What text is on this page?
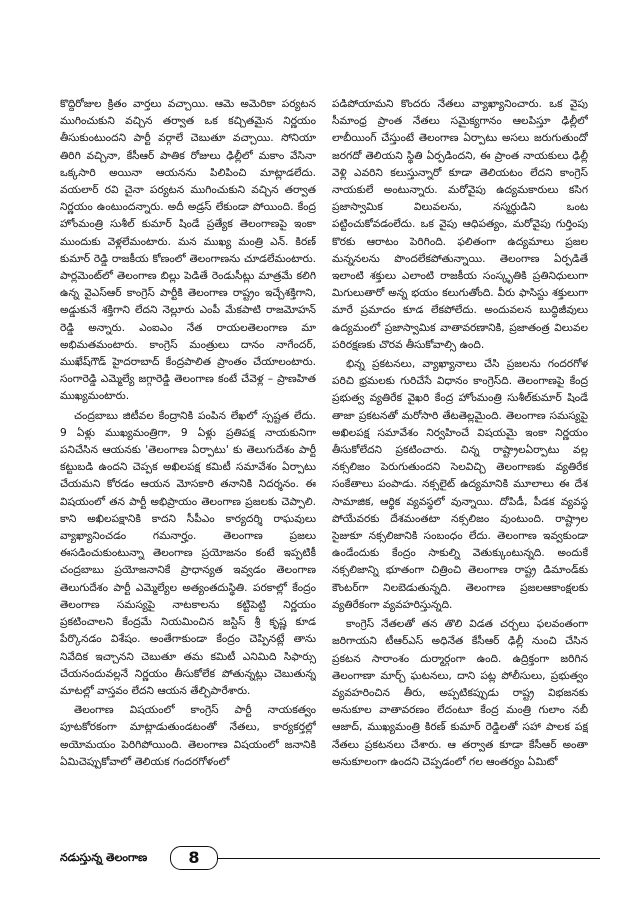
కొద్దిరోజుల క్రితం వార్తలు వచ్చాయి. ఆమె అమెరికా పర్యటన ముగించుకుని వచ్చిన తర్వాత ఒక కచ్చితమైన నిర్ణయం తీసుకుంటుందని పార్టీ వర్గాలే చెబుతూ వచ్చాయి. సోనియా తిరిగి వచ్చినా, కేసీఆర్ పాతిక రోజులు ఢిల్లీలో మకాం వేసినా ఒక్కసారి అయినా ఆయనను పిలిపించి మాట్లాడలేదు. వయలార్ రవి చైనా పర్యటన ముగించుకుని వచ్చిన తర్వాత నిర్ణయం ఉంటుందన్నారు. అదీ అడ్రస్ లేకుండా పోయింది. కేంద్ర హోంమంత్రి సుశీల్ కుమార్ షిండే ప్రత్యేక తెలంగాణపై ఇంకా ముందుకు వెళ్లలేమంటారు. మన ముఖ్య మంత్రి ఎన్. కిరణ్ కుమార్ రెడ్డి రాజకీయ కోణంలో తెలంగాణను చూడలేమంటారు. పార్లమెంట్‌లో తెలంగాణ బిల్లు పెడితే రెండుసీట్లు మాత్రమే కలిగి ఉన్న వైఎస్ఆర్ కాంగ్రెస్ పార్టీకి తెలంగాణ రాష్ట్రం ఇచ్చేశక్తిగాని, అడ్డుకునే శక్తిగాని లేదని నెల్లూరు ఎంపీ మేకపాటి రాజమోహన్ రెడ్డి అన్నారు. ఎంఐఎం నేత రాయలతెలంగాణ మా అభిమతమంటారు. కాంగ్రెస్ మంత్రులు దానం నాగేందర్, ముఖేష్‌గౌడ్ హైదరాబాద్ కేంద్రపాలిత ప్రాంతం చేయాలంటారు. సంగారెడ్డి ఎమ్మెల్యే జగ్గారెడ్డి తెలంగాణ కంటే చేవెళ్ల – ప్రాణహిత ముఖ్యమంటారు.

చంద్రబాబు జిటీవల కేంద్రానికి పంపిన లేఖలో స్పష్టత లేదు. 9 ఏళ్లు ముఖ్యమంత్రిగా, 9 ఏళ్లు ప్రతిపక్ష నాయకునిగా పనిచేసిన ఆయనకు 'తెలంగాణ ఏర్పాటు' కు తెలుగుదేశం పార్టీ కట్టుబడి ఉందని చెప్పక అఖిలపక్ష కమిటీ సమావేశం ఏర్పాటు చేయమని కోరడం ఆయన మోసకారి తనానికి నిదర్శనం. ఈ విషయంలో తన పార్టీ అభిప్రాయం తెలంగాణ ప్రజలకు చెప్పాలి. కాని అఖిలపక్షానికి కాదని సీపీఎం కార్యదర్శి రాఘవులు వ్యాఖ్యానించడం గమనార్హం. తెలంగాణ ప్రజలు ఈసడించుకుంటున్నా తెలంగాణ ప్రయోజనం కంటే ఇప్పటికీ చంద్రబాబు ప్రయోజనానికే ప్రాధాన్యత ఇవ్వడం తెలంగాణ తెలుగుదేశం పార్టీ ఎమ్మెల్యేల అత్యంతదుస్థితి. పరకాల్లో కేంద్రం తెలంగాణ సమస్యపై నాటకాలను కట్టిపెట్టి నిర్ణయం ప్రకటించాలని కేంద్రమే నియమించిన జస్టిస్ శ్రీ కృష్ణ కూడ పేర్కొనడం విశేషం. అంతేగాకుండా కేంద్రం చెప్పినట్లే తాను నివేదిక ఇచ్చానని చెబుతూ తమ కమిటీ ఎనిమిది సిఫార్సు చేయనందువల్లనే నిర్ణయం తీసుకోలేక పోతున్నట్లు చెబుతున్న మాటల్లో వాస్తవం లేదని ఆయన తేల్చిపారేశారు.

తెలంగాణ విషయంలో కాంగ్రెస్ పార్టీ నాయకత్వం పూటకోరకంగా మాట్లాడుతుండటంతో నేతలు, కార్యకర్తల్లో అయోమయం పెరిగిపోయింది. తెలంగాణ విషయంలో జనానికి ఏమిచెప్పుకోవాలో తెలియక గందరగోళంలో

పడిపోయామని కొందరు నేతలు వ్యాఖ్యానించారు. ఒక వైపు సీమాంధ్ర ప్రాంత నేతలు సమైక్యగానం ఆలపిస్తూ ఢిల్లీలో లాబీయింగ్ చేస్తుంటే తెలంగాణ ఏర్పాటు అసలు జరుగుతుందో జరగదో తెలియని స్థితి ఏర్పడిందని, ఈ ప్రాంత నాయకులు ఢిల్లీ వెళ్లి ఎవరిని కలుస్తున్నారో కూడా తెలియటం లేదని కాంగ్రెస్ నాయకులే అంటున్నారు. మరోవైపు ఉద్యమకారులు కసిగ ప్రజాస్వామిక విలువలను, నస్మర్ధుడిని ఒంట పట్టించుకోవడంలేదు. ఒక వైపు ఆధిపత్యం, మరోవైపు గుర్తింపు కొరకు ఆరాటం పెరిగింది. ఫలితంగా ఉద్యమాలు ప్రజల మన్ననలను పొందలేకపోతున్నాయి. తెలంగాణ ఏర్పడితే ఇలాంటి శక్తులు ఎలాంటి రాజకీయ సంస్కృతికి ప్రతినిధులుగా మిగులుతారో అన్న భయం కలుగుతోంది. వీరు ఫాసిస్టు శక్తులుగా మారే ప్రమాదం కూడ లేకపోలేదు. అందువలన బుద్ధిజీవులు ఉద్యమంలో ప్రజాస్వామిక వాతావరణానికి, ప్రజాతంత్ర విలువల పరిరక్షణకు చొరవ తీసుకోవాల్సి ఉంది.

భిన్న ప్రకటనలు, వ్యాఖ్యానాలు చేసి ప్రజలను గందరగోళ పరిచి భ్రమలకు గురిచేసే విధానం కాంగ్రెస్‌ది. తెలంగాణపై కేంద్ర ప్రభుత్వ వ్యతిరేక వైఖరి కేంద్ర హోంమంత్రి సుశీల్‌కుమార్ షిండే తాజా ప్రకటనతో మరోసారి తేటతెల్లమైంది. తెలంగాణ సమస్యపై అఖిలపక్ష సమావేశం నిర్వహించే విషయమై ఇంకా నిర్ణయం తీసుకోలేదని ప్రకటించారు. చిన్న రాష్ట్రాలఏర్పాటు వల్ల నక్సలిజం పెరుగుతుందని సెలవిచ్చి తెలంగాణకు వ్యతిరేక సంకేతాలు పంపాడు. నక్సలైట్ ఉద్యమానికి మూలాలు ఈ దేశ సామాజిక, ఆర్థిక వ్యవస్థలో వున్నాయి. దోపిడీ, పీడక వ్యవస్థ పోయేవరకు దేశమంతటా నక్సలిజం వుంటుంది. రాష్ట్రాల సైజుకూ నక్సలిజానికి సంబంధం లేదు. తెలంగాణ ఇవ్వకుండా ఉండేందుకు కేంద్రం సాకుల్ని వెతుక్కుంటున్నది. అందుకే నక్సలిజాన్ని భూతంగా చిత్రించి తెలంగాణ రాష్ట్ర డిమాండ్‌కు కౌంటర్‌గా నిలబెడుతున్నది. తెలంగాణ ప్రజలఆకాంక్షలకు వ్యతిరేకంగా వ్యవహరిస్తున్నది.

కాంగ్రెస్ నేతలతో తన తొలి విడత చర్చలు ఫలవంతంగా జరిగాయని టీఆర్ఎస్ అధినేత కేసీఆర్ ఢిల్లీ నుంచి చేసిన ప్రకటన సారాంశం దుర్మార్గంగా ఉంది. ఉద్రిక్తంగా జరిగిన తెలంగాణా మార్చ్ ఘటనలు, దాని పట్ల పోలీసులు, ప్రభుత్వం వ్యవహరించిన తీరు, అప్పటికప్పుడు రాష్ట్ర విభజనకు అనుకూల వాతావరణం లేదంటూ కేంద్ర మంత్రి గులాం నబీ ఆజాద్, ముఖ్యమంత్రి కిరణ్ కుమార్ రెడ్డిలతో సహా పాలక పక్ష నేతలు ప్రకటనలు చేశారు. ఆ తర్వాత కూడా కేసీఆర్ అంతా అనుకూలంగా ఉందని చెప్పడంలో గల ఆంతర్యం ఏమిటో

నడుస్తున్న తెలంగాణ	8
